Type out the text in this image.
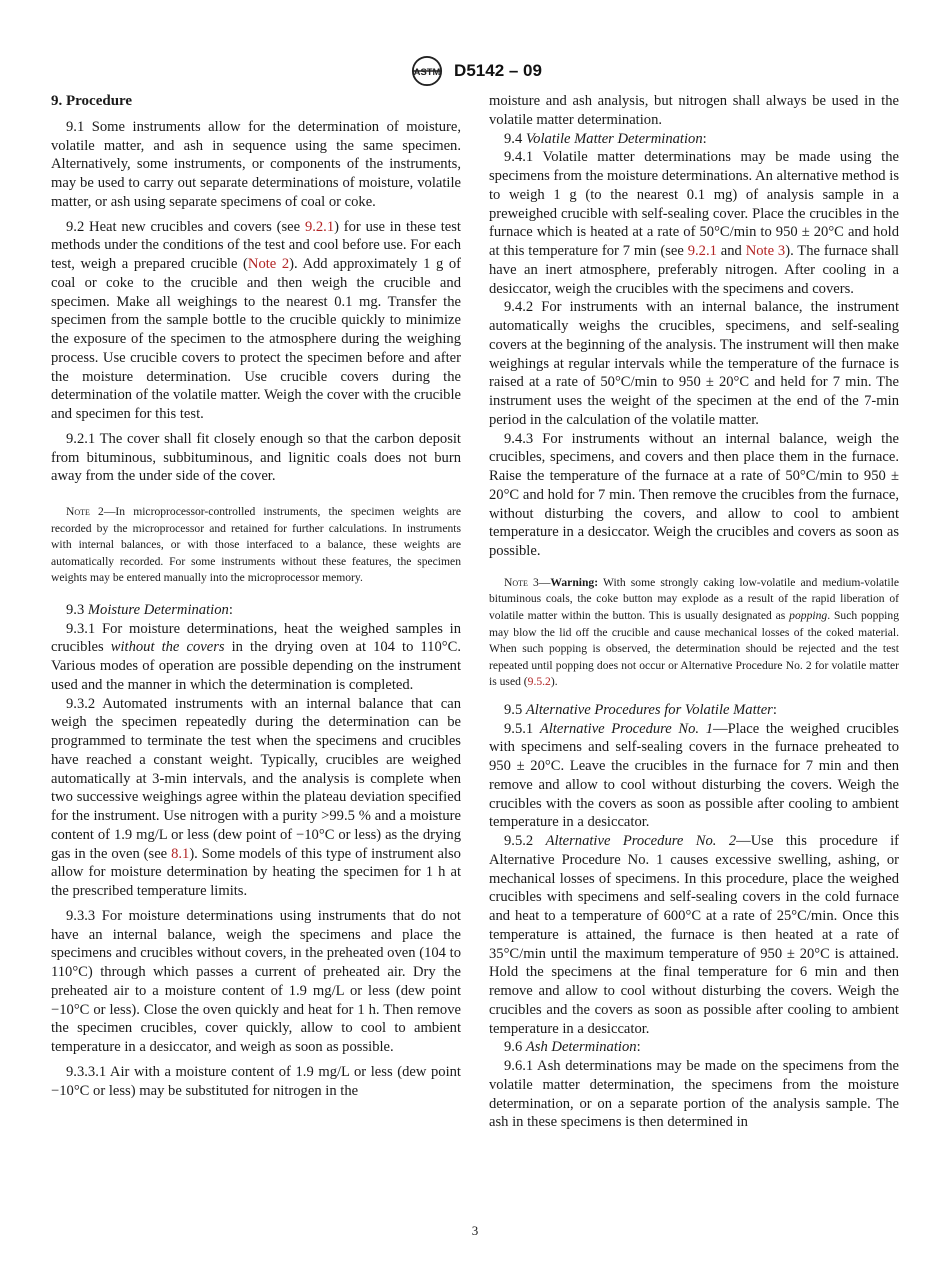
ASTM D5142 – 09

9. Procedure

9.1 Some instruments allow for the determination of moisture, volatile matter, and ash in sequence using the same specimen. Alternatively, some instruments, or components of the instruments, may be used to carry out separate determinations of moisture, volatile matter, or ash using separate specimens of coal or coke.

9.2 Heat new crucibles and covers (see 9.2.1) for use in these test methods under the conditions of the test and cool before use. For each test, weigh a prepared crucible (Note 2). Add approximately 1 g of coal or coke to the crucible and then weigh the crucible and specimen. Make all weighings to the nearest 0.1 mg. Transfer the specimen from the sample bottle to the crucible quickly to minimize the exposure of the specimen to the atmosphere during the weighing process. Use crucible covers to protect the specimen before and after the moisture determination. Use crucible covers during the determination of the volatile matter. Weigh the cover with the crucible and specimen for this test.

9.2.1 The cover shall fit closely enough so that the carbon deposit from bituminous, subbituminous, and lignitic coals does not burn away from the under side of the cover.

Note 2—In microprocessor-controlled instruments, the specimen weights are recorded by the microprocessor and retained for further calculations. In instruments with internal balances, or with those interfaced to a balance, these weights are automatically recorded. For some instruments without these features, the specimen weights may be entered manually into the microprocessor memory.

9.3 Moisture Determination:

9.3.1 For moisture determinations, heat the weighed samples in crucibles without the covers in the drying oven at 104 to 110°C. Various modes of operation are possible depending on the instrument used and the manner in which the determination is completed.

9.3.2 Automated instruments with an internal balance that can weigh the specimen repeatedly during the determination can be programmed to terminate the test when the specimens and crucibles have reached a constant weight. Typically, crucibles are weighed automatically at 3-min intervals, and the analysis is complete when two successive weighings agree within the plateau deviation specified for the instrument. Use nitrogen with a purity >99.5 % and a moisture content of 1.9 mg/L or less (dew point of −10°C or less) as the drying gas in the oven (see 8.1). Some models of this type of instrument also allow for moisture determination by heating the specimen for 1 h at the prescribed temperature limits.

9.3.3 For moisture determinations using instruments that do not have an internal balance, weigh the specimens and place the specimens and crucibles without covers, in the preheated oven (104 to 110°C) through which passes a current of preheated air. Dry the preheated air to a moisture content of 1.9 mg/L or less (dew point −10°C or less). Close the oven quickly and heat for 1 h. Then remove the specimen crucibles, cover quickly, allow to cool to ambient temperature in a desiccator, and weigh as soon as possible.

9.3.3.1 Air with a moisture content of 1.9 mg/L or less (dew point −10°C or less) may be substituted for nitrogen in the

moisture and ash analysis, but nitrogen shall always be used in the volatile matter determination.

9.4 Volatile Matter Determination:

9.4.1 Volatile matter determinations may be made using the specimens from the moisture determinations. An alternative method is to weigh 1 g (to the nearest 0.1 mg) of analysis sample in a preweighed crucible with self-sealing cover. Place the crucibles in the furnace which is heated at a rate of 50°C/min to 950 ± 20°C and hold at this temperature for 7 min (see 9.2.1 and Note 3). The furnace shall have an inert atmosphere, preferably nitrogen. After cooling in a desiccator, weigh the crucibles with the specimens and covers.

9.4.2 For instruments with an internal balance, the instrument automatically weighs the crucibles, specimens, and self-sealing covers at the beginning of the analysis. The instrument will then make weighings at regular intervals while the temperature of the furnace is raised at a rate of 50°C/min to 950 ± 20°C and held for 7 min. The instrument uses the weight of the specimen at the end of the 7-min period in the calculation of the volatile matter.

9.4.3 For instruments without an internal balance, weigh the crucibles, specimens, and covers and then place them in the furnace. Raise the temperature of the furnace at a rate of 50°C/min to 950 ± 20°C and hold for 7 min. Then remove the crucibles from the furnace, without disturbing the covers, and allow to cool to ambient temperature in a desiccator. Weigh the crucibles and covers as soon as possible.

Note 3—Warning: With some strongly caking low-volatile and medium-volatile bituminous coals, the coke button may explode as a result of the rapid liberation of volatile matter within the button. This is usually designated as popping. Such popping may blow the lid off the crucible and cause mechanical losses of the coked material. When such popping is observed, the determination should be rejected and the test repeated until popping does not occur or Alternative Procedure No. 2 for volatile matter is used (9.5.2).

9.5 Alternative Procedures for Volatile Matter:

9.5.1 Alternative Procedure No. 1—Place the weighed crucibles with specimens and self-sealing covers in the furnace preheated to 950 ± 20°C. Leave the crucibles in the furnace for 7 min and then remove and allow to cool without disturbing the covers. Weigh the crucibles with the covers as soon as possible after cooling to ambient temperature in a desiccator.

9.5.2 Alternative Procedure No. 2—Use this procedure if Alternative Procedure No. 1 causes excessive swelling, ashing, or mechanical losses of specimens. In this procedure, place the weighed crucibles with specimens and self-sealing covers in the cold furnace and heat to a temperature of 600°C at a rate of 25°C/min. Once this temperature is attained, the furnace is then heated at a rate of 35°C/min until the maximum temperature of 950 ± 20°C is attained. Hold the specimens at the final temperature for 6 min and then remove and allow to cool without disturbing the covers. Weigh the crucibles and the covers as soon as possible after cooling to ambient temperature in a desiccator.

9.6 Ash Determination:

9.6.1 Ash determinations may be made on the specimens from the volatile matter determination, the specimens from the moisture determination, or on a separate portion of the analysis sample. The ash in these specimens is then determined in

3
